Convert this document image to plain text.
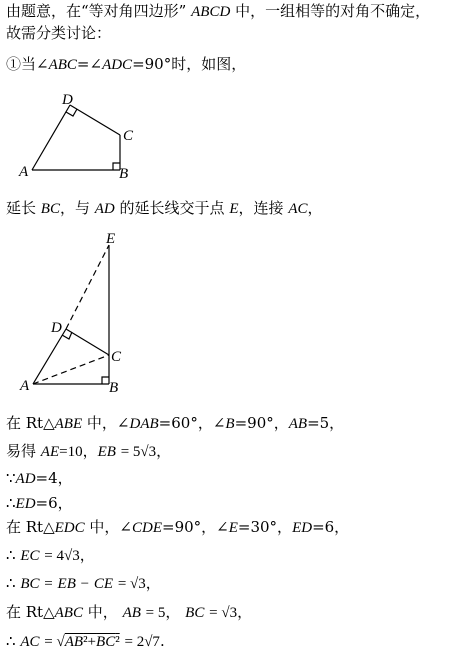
由题意，在“等对角四边形” ABCD 中，一组相等的对角不确定，
故需分类讨论：
①当∠ABC=∠ADC=90°时，如图，
A	B
C
D
延长 BC，与 AD 的延长线交于点 E，连接 AC，
A	B
C
D
E
在 Rt△ABE 中，∠DAB=60°，∠B=90°，AB=5，
易得 AE=10，EB = 5√3，
∵AD=4，
∴ED=6，
在 Rt△EDC 中，∠CDE=90°，∠E=30°，ED=6，
∴ EC = 4√3，
∴ BC = EB − CE = √3，
在 Rt△ABC 中， AB = 5， BC = √3，
∴ AC = √AB²+BC² = 2√7.
